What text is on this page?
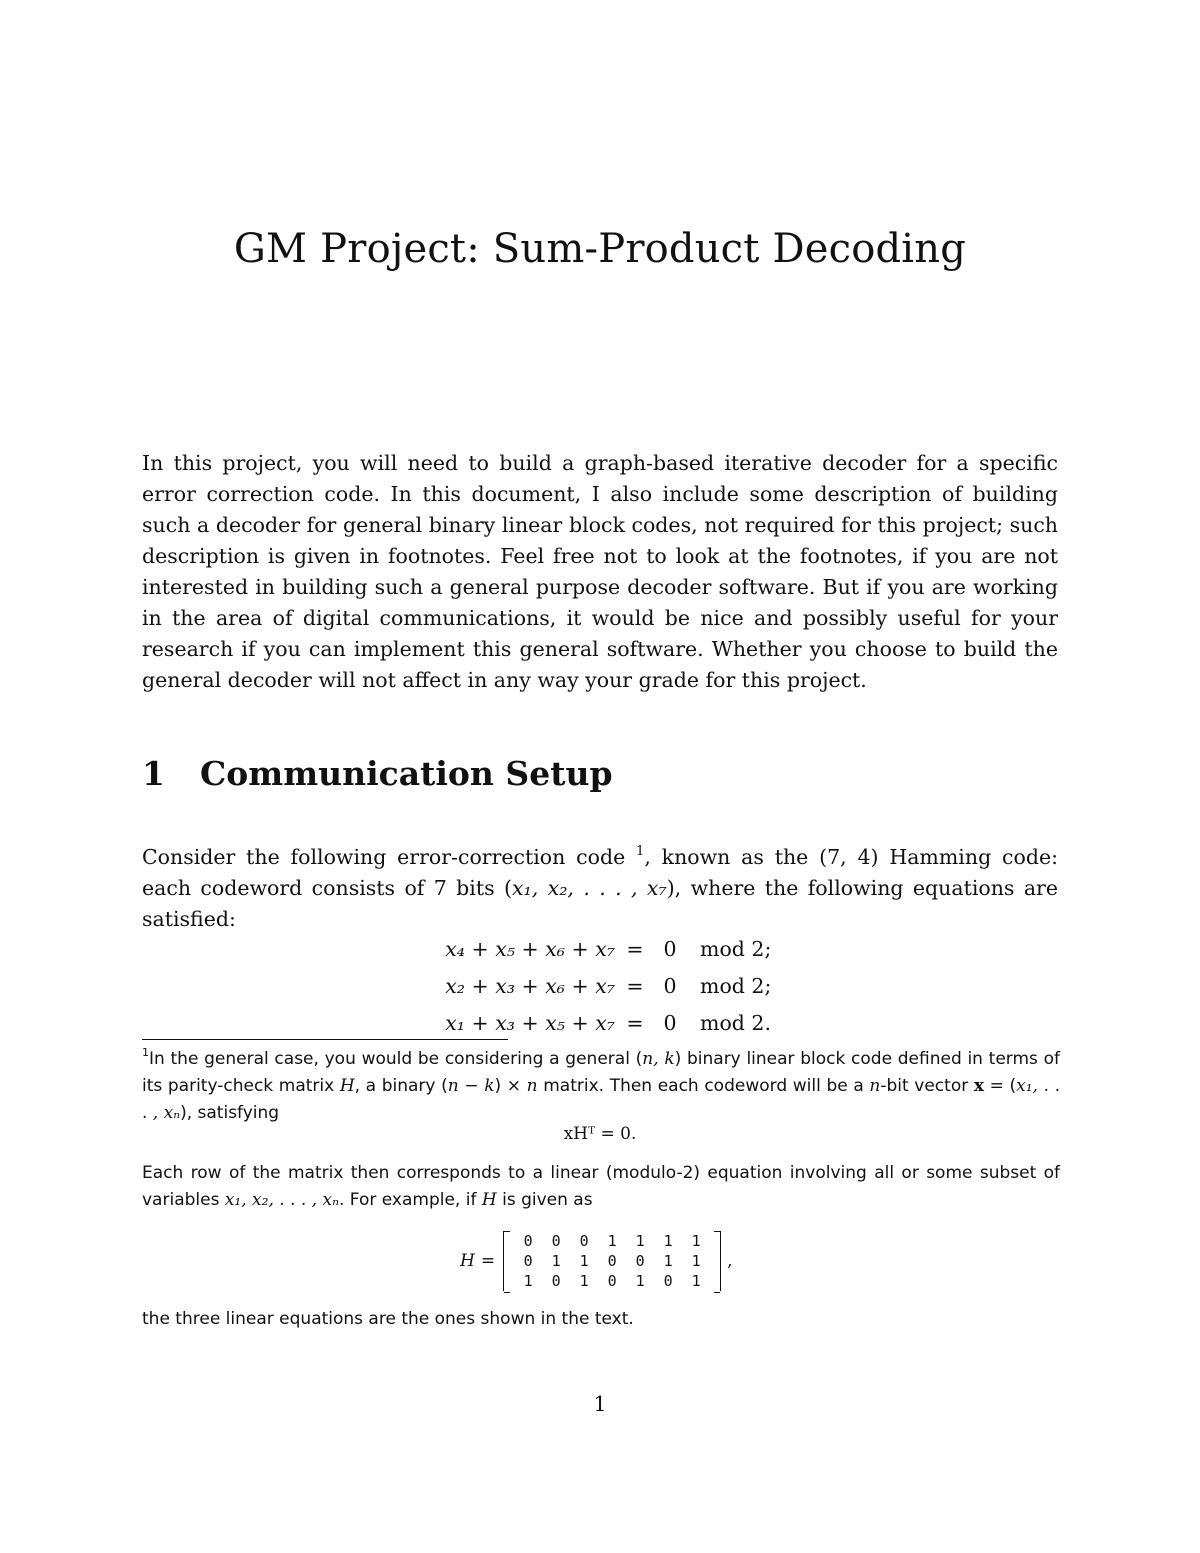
GM Project: Sum-Product Decoding

In this project, you will need to build a graph-based iterative decoder for a specific error correction code. In this document, I also include some description of building such a decoder for general binary linear block codes, not required for this project; such description is given in footnotes. Feel free not to look at the footnotes, if you are not interested in building such a general purpose decoder software. But if you are working in the area of digital communications, it would be nice and possibly useful for your research if you can implement this general software. Whether you choose to build the general decoder will not affect in any way your grade for this project.

1 Communication Setup

Consider the following error-correction code $^1$, known as the (7, 4) Hamming code: each codeword consists of 7 bits (x₁, x₂, . . . , x₇), where the following equations are satisfied:

x₄ + x₅ + x₆ + x₇ = 0	mod 2;
x₂ + x₃ + x₆ + x₇ = 0	mod 2;
x₁ + x₃ + x₅ + x₇ = 0	mod 2.

$^1$In the general case, you would be considering a general (n, k) binary linear block code defined in terms of its parity-check matrix H, a binary (n − k) × n matrix. Then each codeword will be a n-bit vector x = (x₁, . . . , xₙ), satisfying

xHᵀ = 0.

Each row of the matrix then corresponds to a linear (modulo-2) equation involving all or some subset of variables x₁, x₂, . . . , xₙ. For example, if H is given as

H =
0	0	0	1	1	1	1
0	1	1	0	0	1	1
1	0	1	0	1	0	1
,

the three linear equations are the ones shown in the text.

1
